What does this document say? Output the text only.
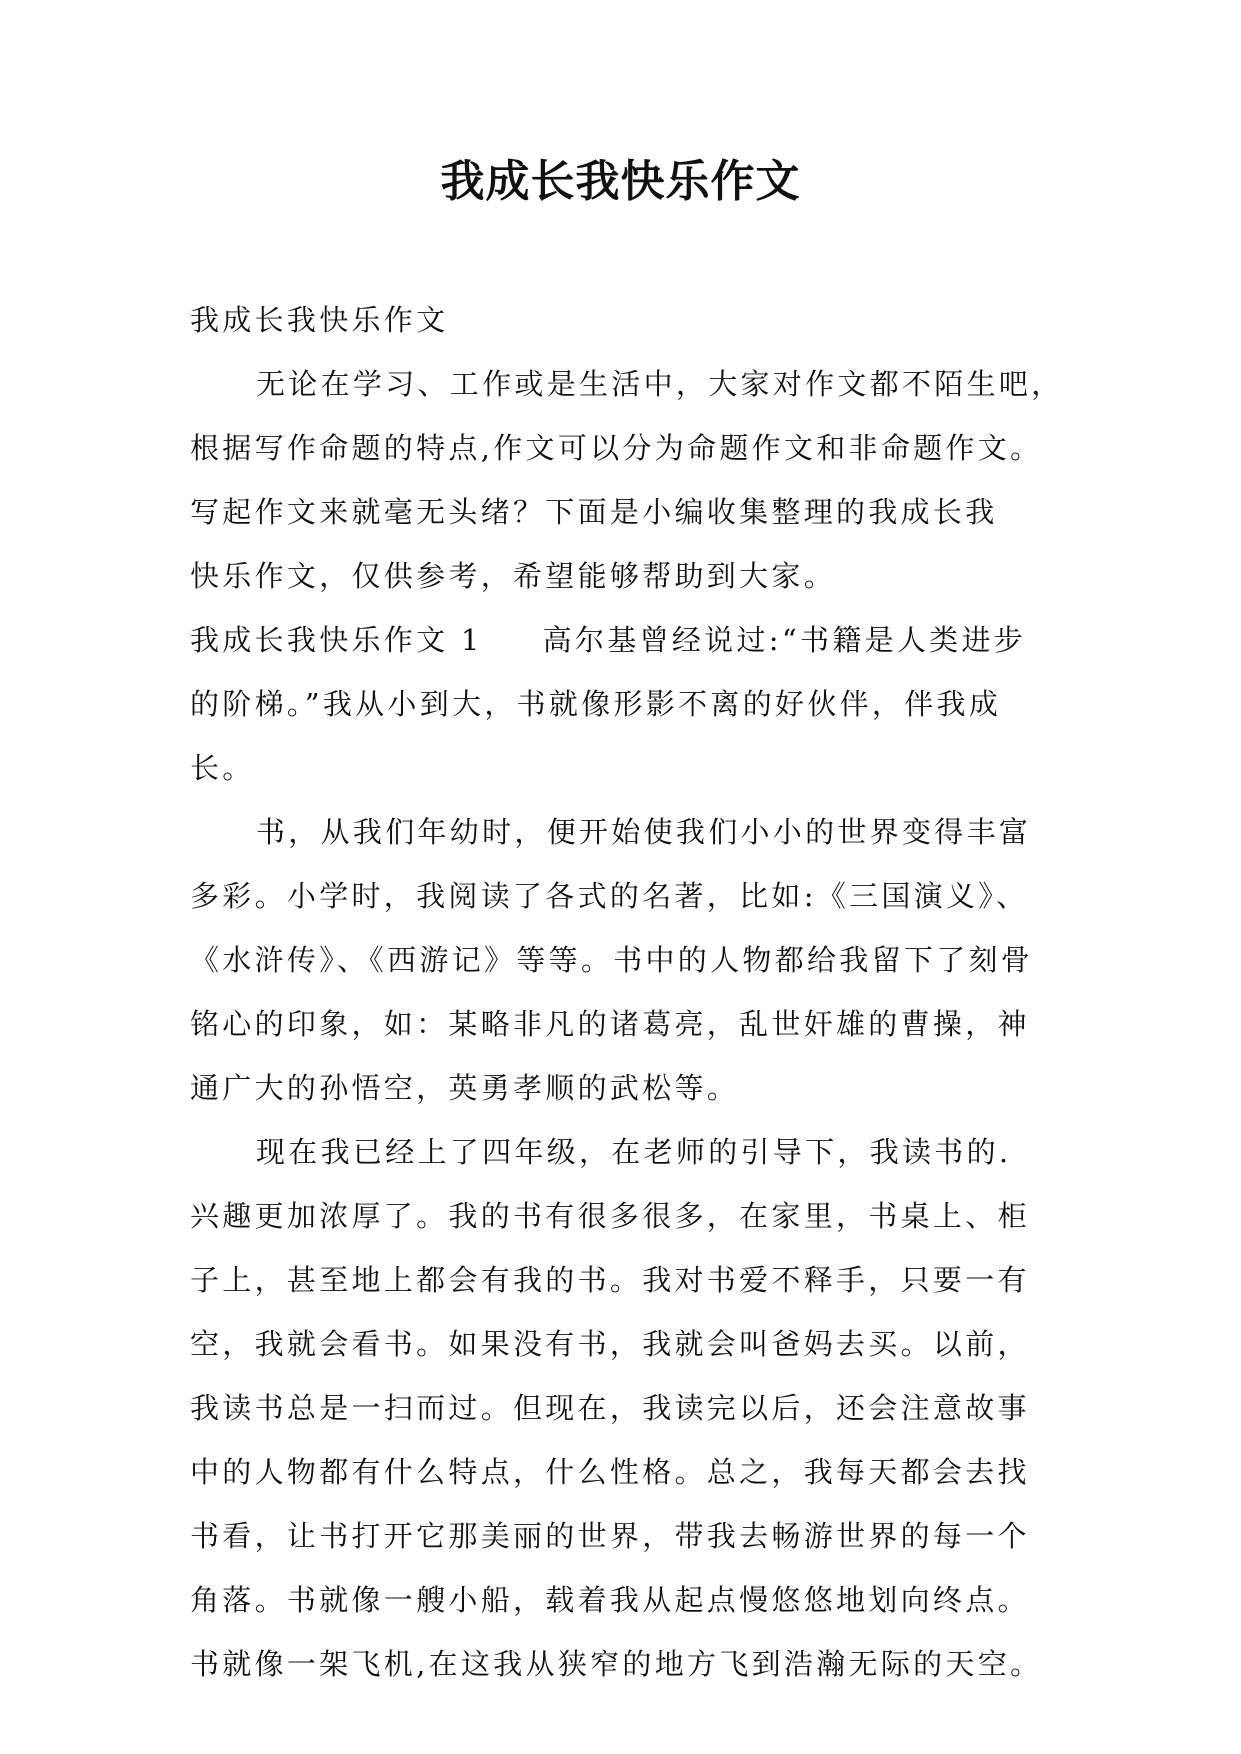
我成长我快乐作文
我成长我快乐作文
无论在学习、工作或是生活中，大家对作文都不陌生吧，
根据写作命题的特点,作文可以分为命题作文和非命题作文。
写起作文来就毫无头绪？下面是小编收集整理的我成长我
快乐作文，仅供参考，希望能够帮助到大家。
我成长我快乐作文 1 高尔基曾经说过:“书籍是人类进步
的阶梯。”我从小到大，书就像形影不离的好伙伴，伴我成
长。
书，从我们年幼时，便开始使我们小小的世界变得丰富
多彩。小学时，我阅读了各式的名著，比如:《三国演义》、
《水浒传》、《西游记》等等。书中的人物都给我留下了刻骨
铭心的印象，如：某略非凡的诸葛亮，乱世奸雄的曹操，神
通广大的孙悟空，英勇孝顺的武松等。
现在我已经上了四年级，在老师的引导下，我读书的.
兴趣更加浓厚了。我的书有很多很多，在家里，书桌上、柜
子上，甚至地上都会有我的书。我对书爱不释手，只要一有
空，我就会看书。如果没有书，我就会叫爸妈去买。以前，
我读书总是一扫而过。但现在，我读完以后，还会注意故事
中的人物都有什么特点，什么性格。总之，我每天都会去找
书看，让书打开它那美丽的世界，带我去畅游世界的每一个
角落。书就像一艘小船，载着我从起点慢悠悠地划向终点。
书就像一架飞机,在这我从狭窄的地方飞到浩瀚无际的天空。
